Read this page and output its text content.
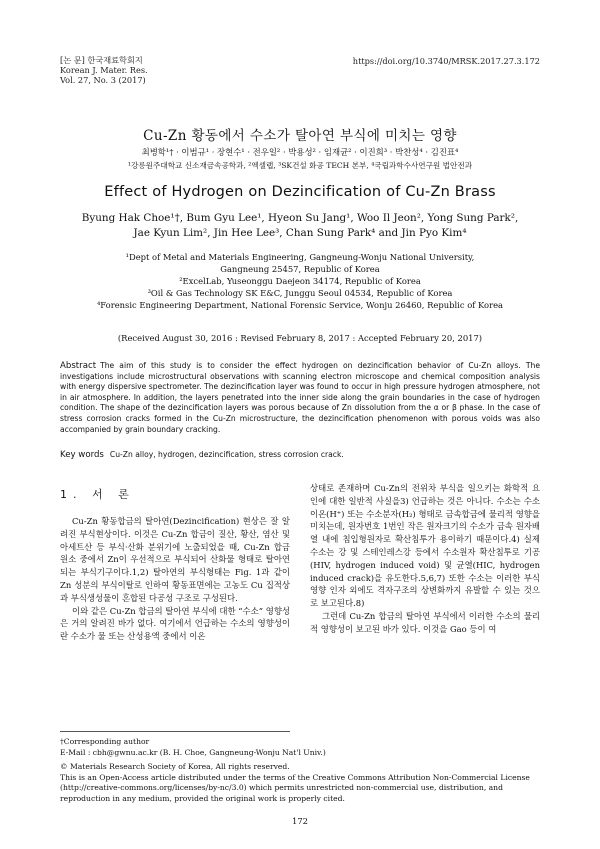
[논 문] 한국재료학회지
Korean J. Mater. Res.
Vol. 27, No. 3 (2017)
https://doi.org/10.3740/MRSK.2017.27.3.172
Cu-Zn 황동에서 수소가 탈아연 부식에 미치는 영향
최병학¹† · 이범규¹ · 장현수¹ · 전우일² · 박용성² · 임재균² · 이진희³ · 박찬성⁴ · 김진표⁴
¹강릉원주대학교 신소재금속공학과, ²엑셀랩, ³SK건설 화공 TECH 본부, ⁴국립과학수사연구원 법안전과
Effect of Hydrogen on Dezincification of Cu-Zn Brass
Byung Hak Choe¹†, Bum Gyu Lee¹, Hyeon Su Jang¹, Woo Il Jeon², Yong Sung Park²,
Jae Kyun Lim², Jin Hee Lee³, Chan Sung Park⁴ and Jin Pyo Kim⁴
¹Dept of Metal and Materials Engineering, Gangneung-Wonju National University,
Gangneung 25457, Republic of Korea
²ExcelLab, Yuseonggu Daejeon 34174, Republic of Korea
³Oil & Gas Technology SK E&C, Junggu Seoul 04534, Republic of Korea
⁴Forensic Engineering Department, National Forensic Service, Wonju 26460, Republic of Korea
(Received August 30, 2016 : Revised February 8, 2017 : Accepted February 20, 2017)
Abstract The aim of this study is to consider the effect hydrogen on dezincification behavior of Cu-Zn alloys. The investigations include microstructural observations with scanning electron microscope and chemical composition analysis with energy dispersive spectrometer. The dezincification layer was found to occur in high pressure hydrogen atmosphere, not in air atmosphere. In addition, the layers penetrated into the inner side along the grain boundaries in the case of hydrogen condition. The shape of the dezincification layers was porous because of Zn dissolution from the α or β phase. In the case of stress corrosion cracks formed in the Cu-Zn microstructure, the dezincification phenomenon with porous voids was also accompanied by grain boundary cracking.
Key words Cu-Zn alloy, hydrogen, dezincification, stress corrosion crack.
1. 서 론

Cu-Zn 황동합금의 탈아연(Dezincification) 현상은 잘 알려진 부식현상이다. 이것은 Cu-Zn 합금이 질산, 황산, 염산 및 아세트산 등 부식·산화 분위기에 노출되었을 때, Cu-Zn 합금 원소 중에서 Zn이 우선적으로 부식되어 산화물 형태로 탈아연되는 부식기구이다.1,2) 탈아연의 부식형태는 Fig. 1과 같이 Zn 성분의 부식이탈로 인하여 황동표면에는 고농도 Cu 집적상과 부식생성물이 혼합된 다공성 구조로 구성된다.

이와 같은 Cu-Zn 합금의 탈아연 부식에 대한 “수소” 영향성은 거의 알려진 바가 없다. 여기에서 언급하는 수소의 영향성이란 수소가 물 또는 산성용액 중에서 이온

상태로 존재하며 Cu-Zn의 전위차 부식을 일으키는 화학적 요인에 대한 일반적 사실을3) 언급하는 것은 아니다. 수소는 수소이온(H⁺) 또는 수소분자(H₂) 형태로 금속합금에 물리적 영향을 미치는데, 원자번호 1번인 작은 원자크기의 수소가 금속 원자배열 내에 침입형원자로 확산침투가 용이하기 때문이다.4) 실제 수소는 강 및 스테인레스강 등에서 수소원자 확산침투로 기공(HIV, hydrogen induced void) 및 균열(HIC, hydrogen induced crack)을 유도한다.5,6,7) 또한 수소는 이러한 부식 영향 인자 외에도 격자구조의 상변화까지 유발할 수 있는 것으로 보고된다.8)

그런데 Cu-Zn 합금의 탈아연 부식에서 이러한 수소의 물리적 영향성이 보고된 바가 있다. 이것을 Gao 등이 여

†Corresponding author
E-Mail : cbh@gwnu.ac.kr (B. H. Choe, Gangneung-Wonju Nat'l Univ.)
© Materials Research Society of Korea, All rights reserved.
This is an Open-Access article distributed under the terms of the Creative Commons Attribution Non-Commercial License (http://creative-commons.org/licenses/by-nc/3.0) which permits unrestricted non-commercial use, distribution, and reproduction in any medium, provided the original work is properly cited.
172
